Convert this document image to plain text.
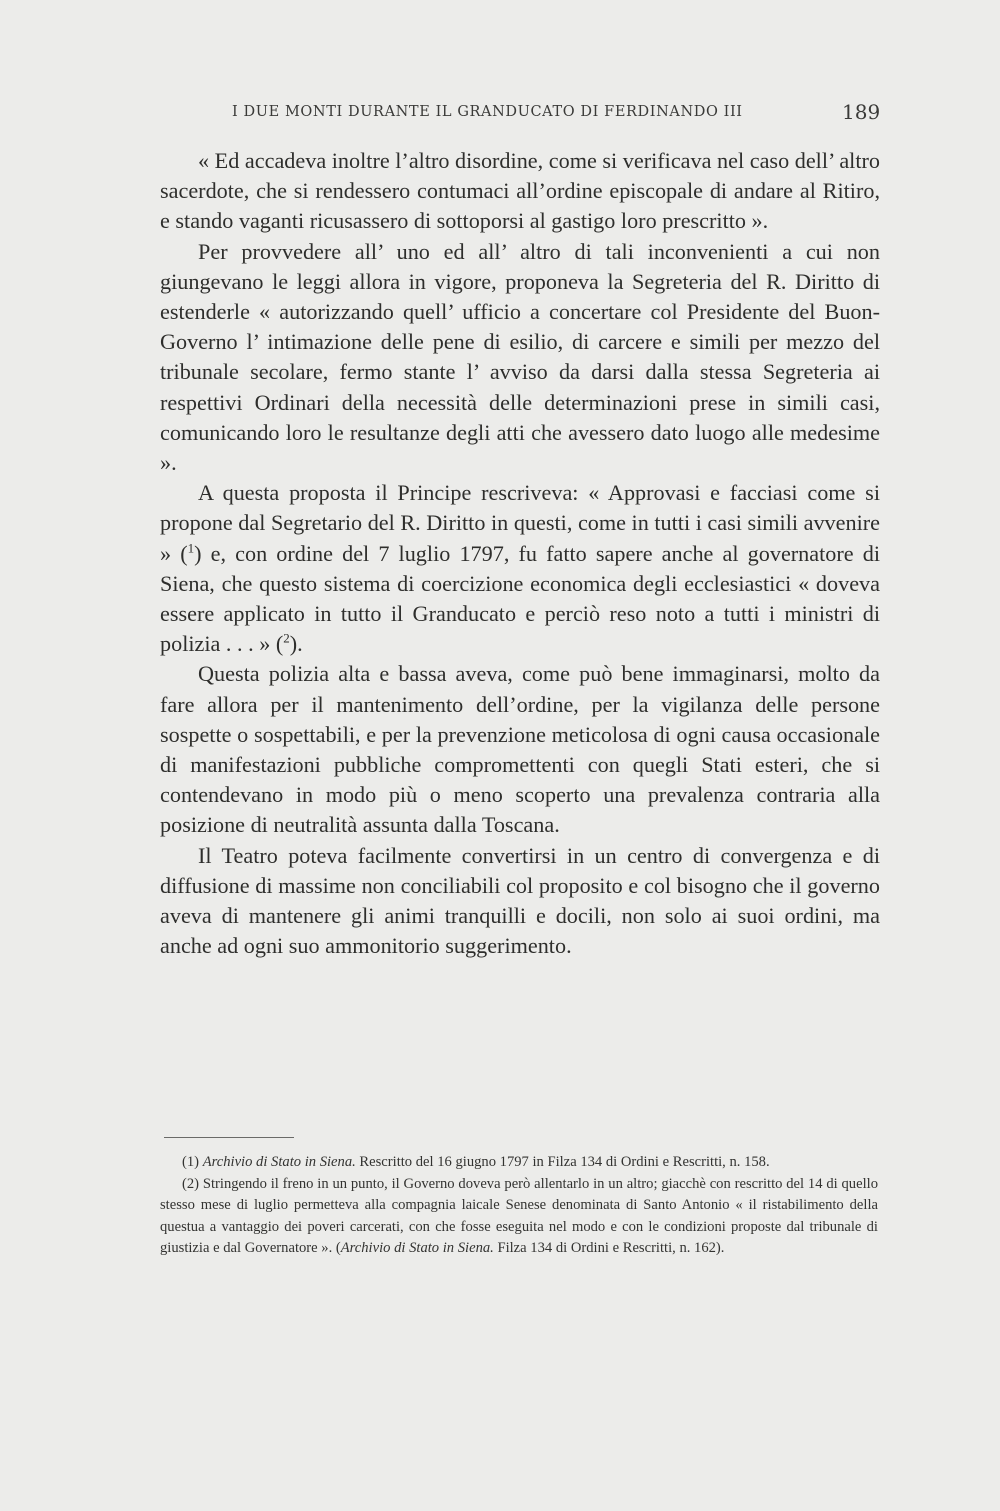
I DUE MONTI DURANTE IL GRANDUCATO DI FERDINANDO III	189

« Ed accadeva inoltre l’altro disordine, come si verificava nel caso dell’ altro sacerdote, che si rendessero contumaci all’ordine episcopale di andare al Ritiro, e stando vaganti ricusassero di sottoporsi al gastigo loro prescritto ».

Per provvedere all’ uno ed all’ altro di tali inconvenienti a cui non giungevano le leggi allora in vigore, proponeva la Segreteria del R. Diritto di estenderle « autorizzando quell’ ufficio a concertare col Presidente del Buon-Governo l’ intimazione delle pene di esilio, di carcere e simili per mezzo del tribunale secolare, fermo stante l’ avviso da darsi dalla stessa Segreteria ai respettivi Ordinari della necessità delle determinazioni prese in simili casi, comunicando loro le resultanze degli atti che avessero dato luogo alle medesime ».

A questa proposta il Principe rescriveva: « Approvasi e facciasi come si propone dal Segretario del R. Diritto in questi, come in tutti i casi simili avvenire » ($^1$) e, con ordine del 7 luglio 1797, fu fatto sapere anche al governatore di Siena, che questo sistema di coercizione economica degli ecclesiastici « doveva essere applicato in tutto il Granducato e perciò reso noto a tutti i ministri di polizia . . . » ($^2$).

Questa polizia alta e bassa aveva, come può bene immaginarsi, molto da fare allora per il mantenimento dell’ordine, per la vigilanza delle persone sospette o sospettabili, e per la prevenzione meticolosa di ogni causa occasionale di manifestazioni pubbliche compromettenti con quegli Stati esteri, che si contendevano in modo più o meno scoperto una prevalenza contraria alla posizione di neutralità assunta dalla Toscana.

Il Teatro poteva facilmente convertirsi in un centro di convergenza e di diffusione di massime non conciliabili col proposito e col bisogno che il governo aveva di mantenere gli animi tranquilli e docili, non solo ai suoi ordini, ma anche ad ogni suo ammonitorio suggerimento.

(1) Archivio di Stato in Siena. Rescritto del 16 giugno 1797 in Filza 134 di Ordini e Rescritti, n. 158.

(2) Stringendo il freno in un punto, il Governo doveva però allentarlo in un altro; giacchè con rescritto del 14 di quello stesso mese di luglio permetteva alla compagnia laicale Senese denominata di Santo Antonio « il ristabilimento della questua a vantaggio dei poveri carcerati, con che fosse eseguita nel modo e con le condizioni proposte dal tribunale di giustizia e dal Governatore ». (Archivio di Stato in Siena. Filza 134 di Ordini e Rescritti, n. 162).
